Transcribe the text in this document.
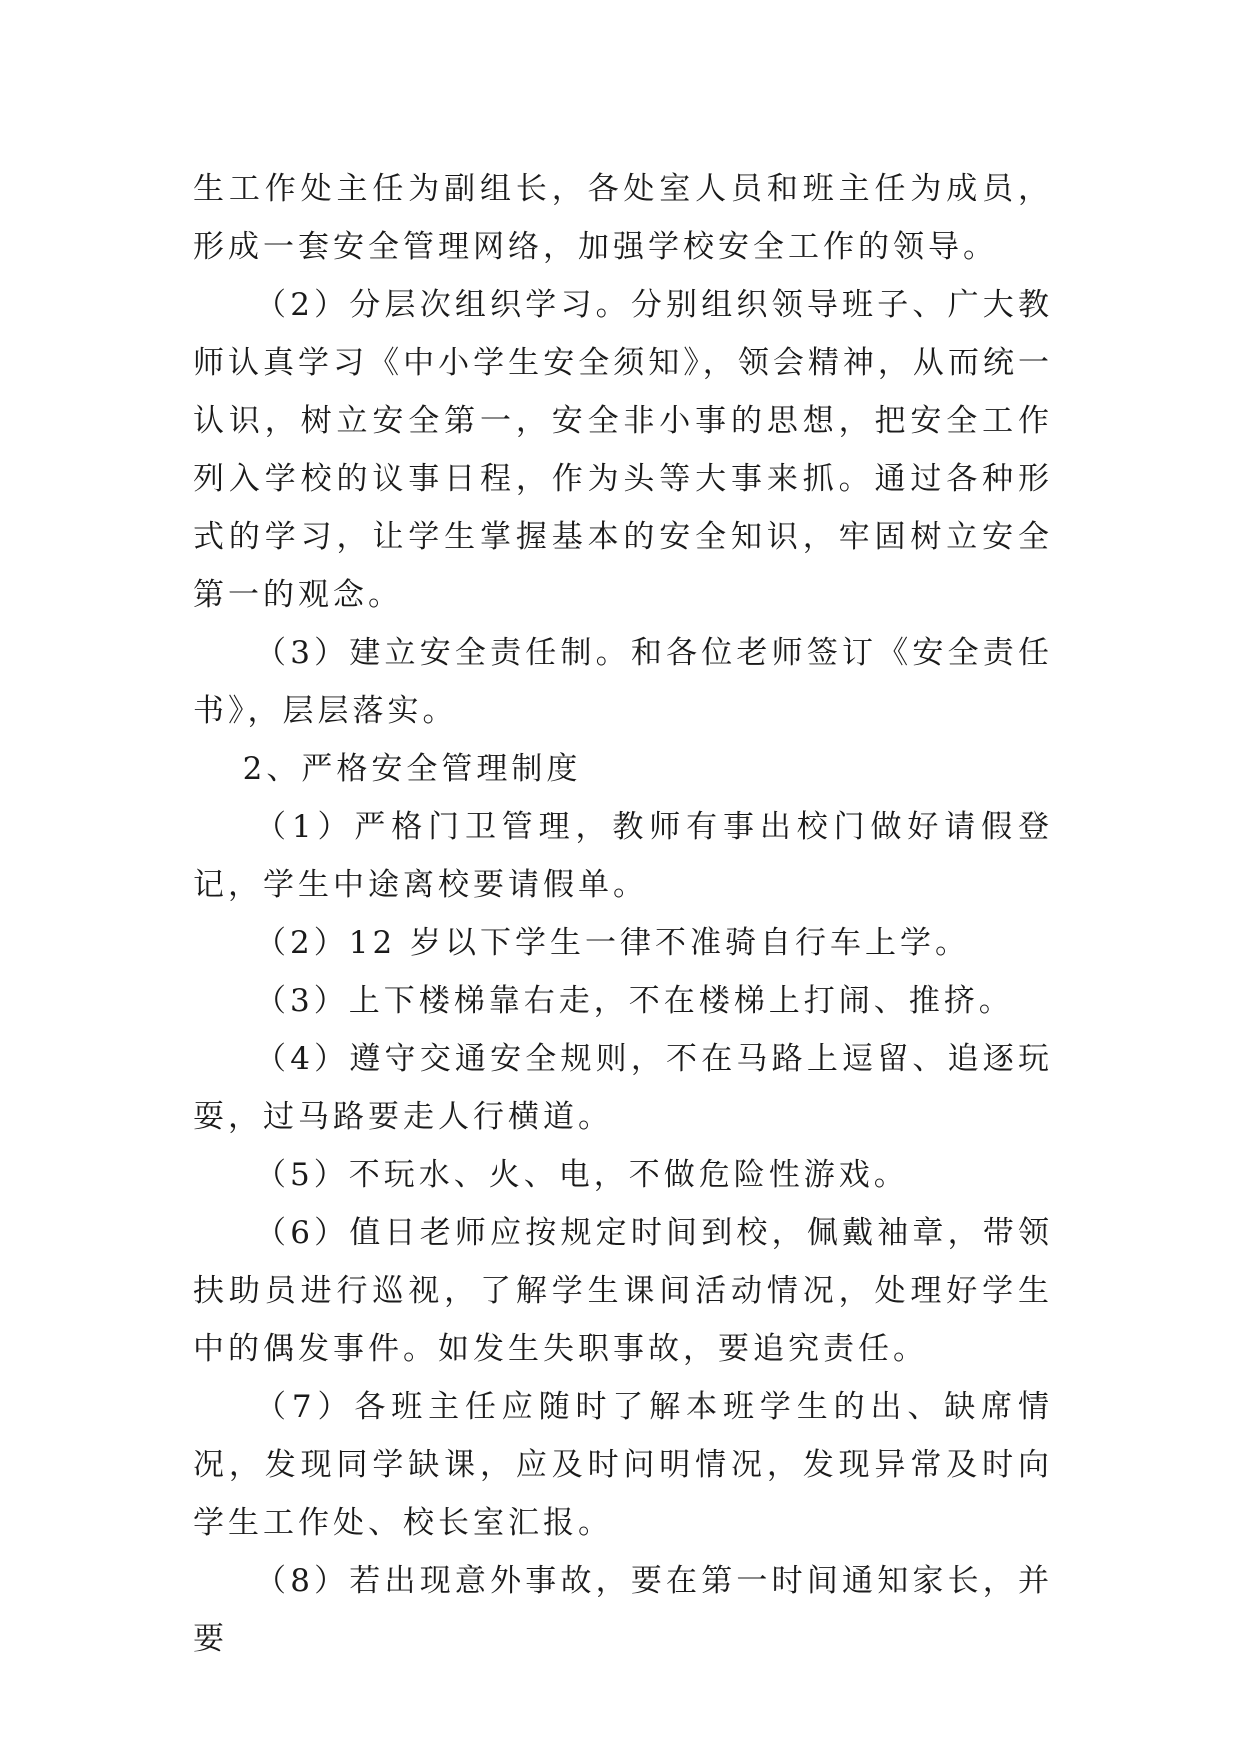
生工作处主任为副组长，各处室人员和班主任为成员，形成一套安全管理网络，加强学校安全工作的领导。

（2）分层次组织学习。分别组织领导班子、广大教师认真学习《中小学生安全须知》，领会精神，从而统一认识，树立安全第一，安全非小事的思想，把安全工作列入学校的议事日程，作为头等大事来抓。通过各种形式的学习，让学生掌握基本的安全知识，牢固树立安全第一的观念。

（3）建立安全责任制。和各位老师签订《安全责任书》，层层落实。

2、严格安全管理制度

（1）严格门卫管理，教师有事出校门做好请假登记，学生中途离校要请假单。

（2）12 岁以下学生一律不准骑自行车上学。

（3）上下楼梯靠右走，不在楼梯上打闹、推挤。

（4）遵守交通安全规则，不在马路上逗留、追逐玩耍，过马路要走人行横道。

（5）不玩水、火、电，不做危险性游戏。

（6）值日老师应按规定时间到校，佩戴袖章，带领扶助员进行巡视，了解学生课间活动情况，处理好学生中的偶发事件。如发生失职事故，要追究责任。

（7）各班主任应随时了解本班学生的出、缺席情况，发现同学缺课，应及时问明情况，发现异常及时向学生工作处、校长室汇报。

（8）若出现意外事故，要在第一时间通知家长，并要
